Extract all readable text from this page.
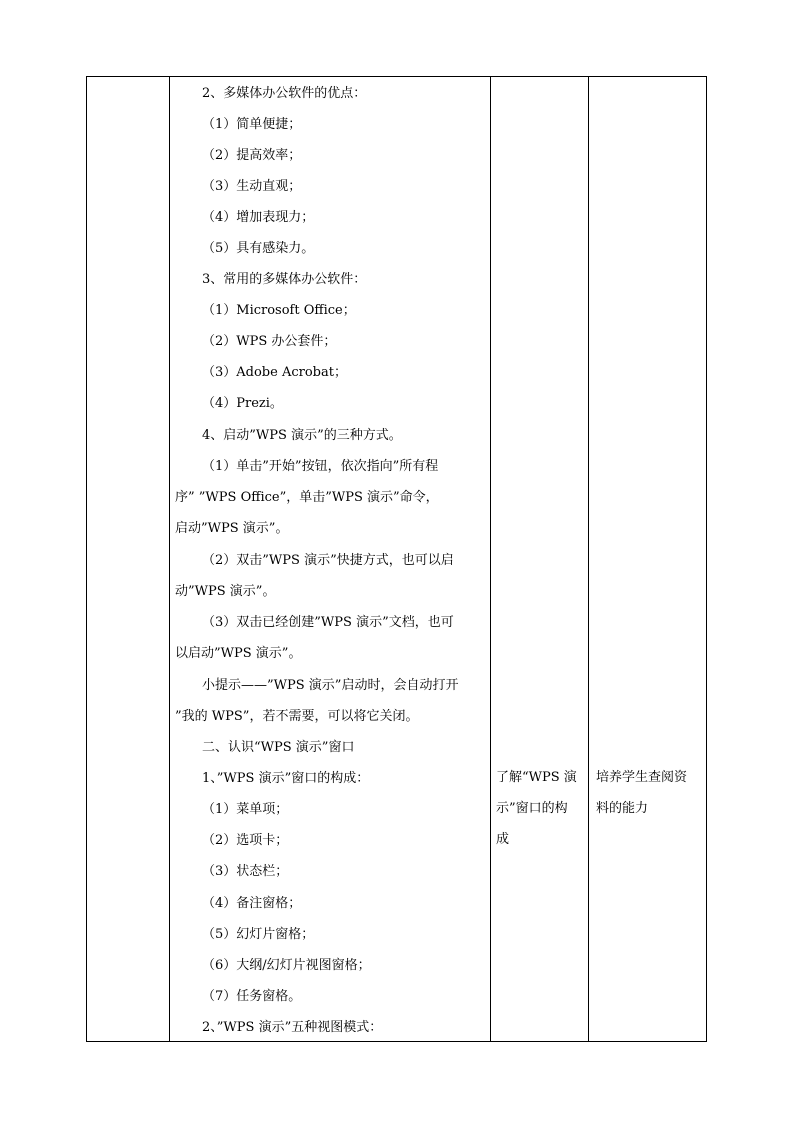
2、多媒体办公软件的优点：
（1）简单便捷；
（2）提高效率；
（3）生动直观；
（4）增加表现力；
（5）具有感染力。
3、常用的多媒体办公软件：
（1）Microsoft Office；
（2）WPS 办公套件；
（3）Adobe Acrobat；
（4）Prezi。
4、启动”WPS 演示”的三种方式。
（1）单击”开始”按钮，依次指向”所有程
序” ”WPS Office”，单击”WPS 演示”命令，
启动”WPS 演示”。
（2）双击”WPS 演示”快捷方式，也可以启
动”WPS 演示”。
（3）双击已经创建”WPS 演示”文档，也可
以启动”WPS 演示”。
小提示——”WPS 演示”启动时，会自动打开
”我的 WPS”，若不需要，可以将它关闭。
二、认识“WPS 演示”窗口
1、”WPS 演示”窗口的构成：
（1）菜单项；
（2）选项卡；
（3）状态栏；
（4）备注窗格；
（5）幻灯片窗格；
（6）大纲/幻灯片视图窗格；
（7）任务窗格。
2、”WPS 演示”五种视图模式：
了解“WPS 演
示”窗口的构
成
培养学生查阅资
料的能力
